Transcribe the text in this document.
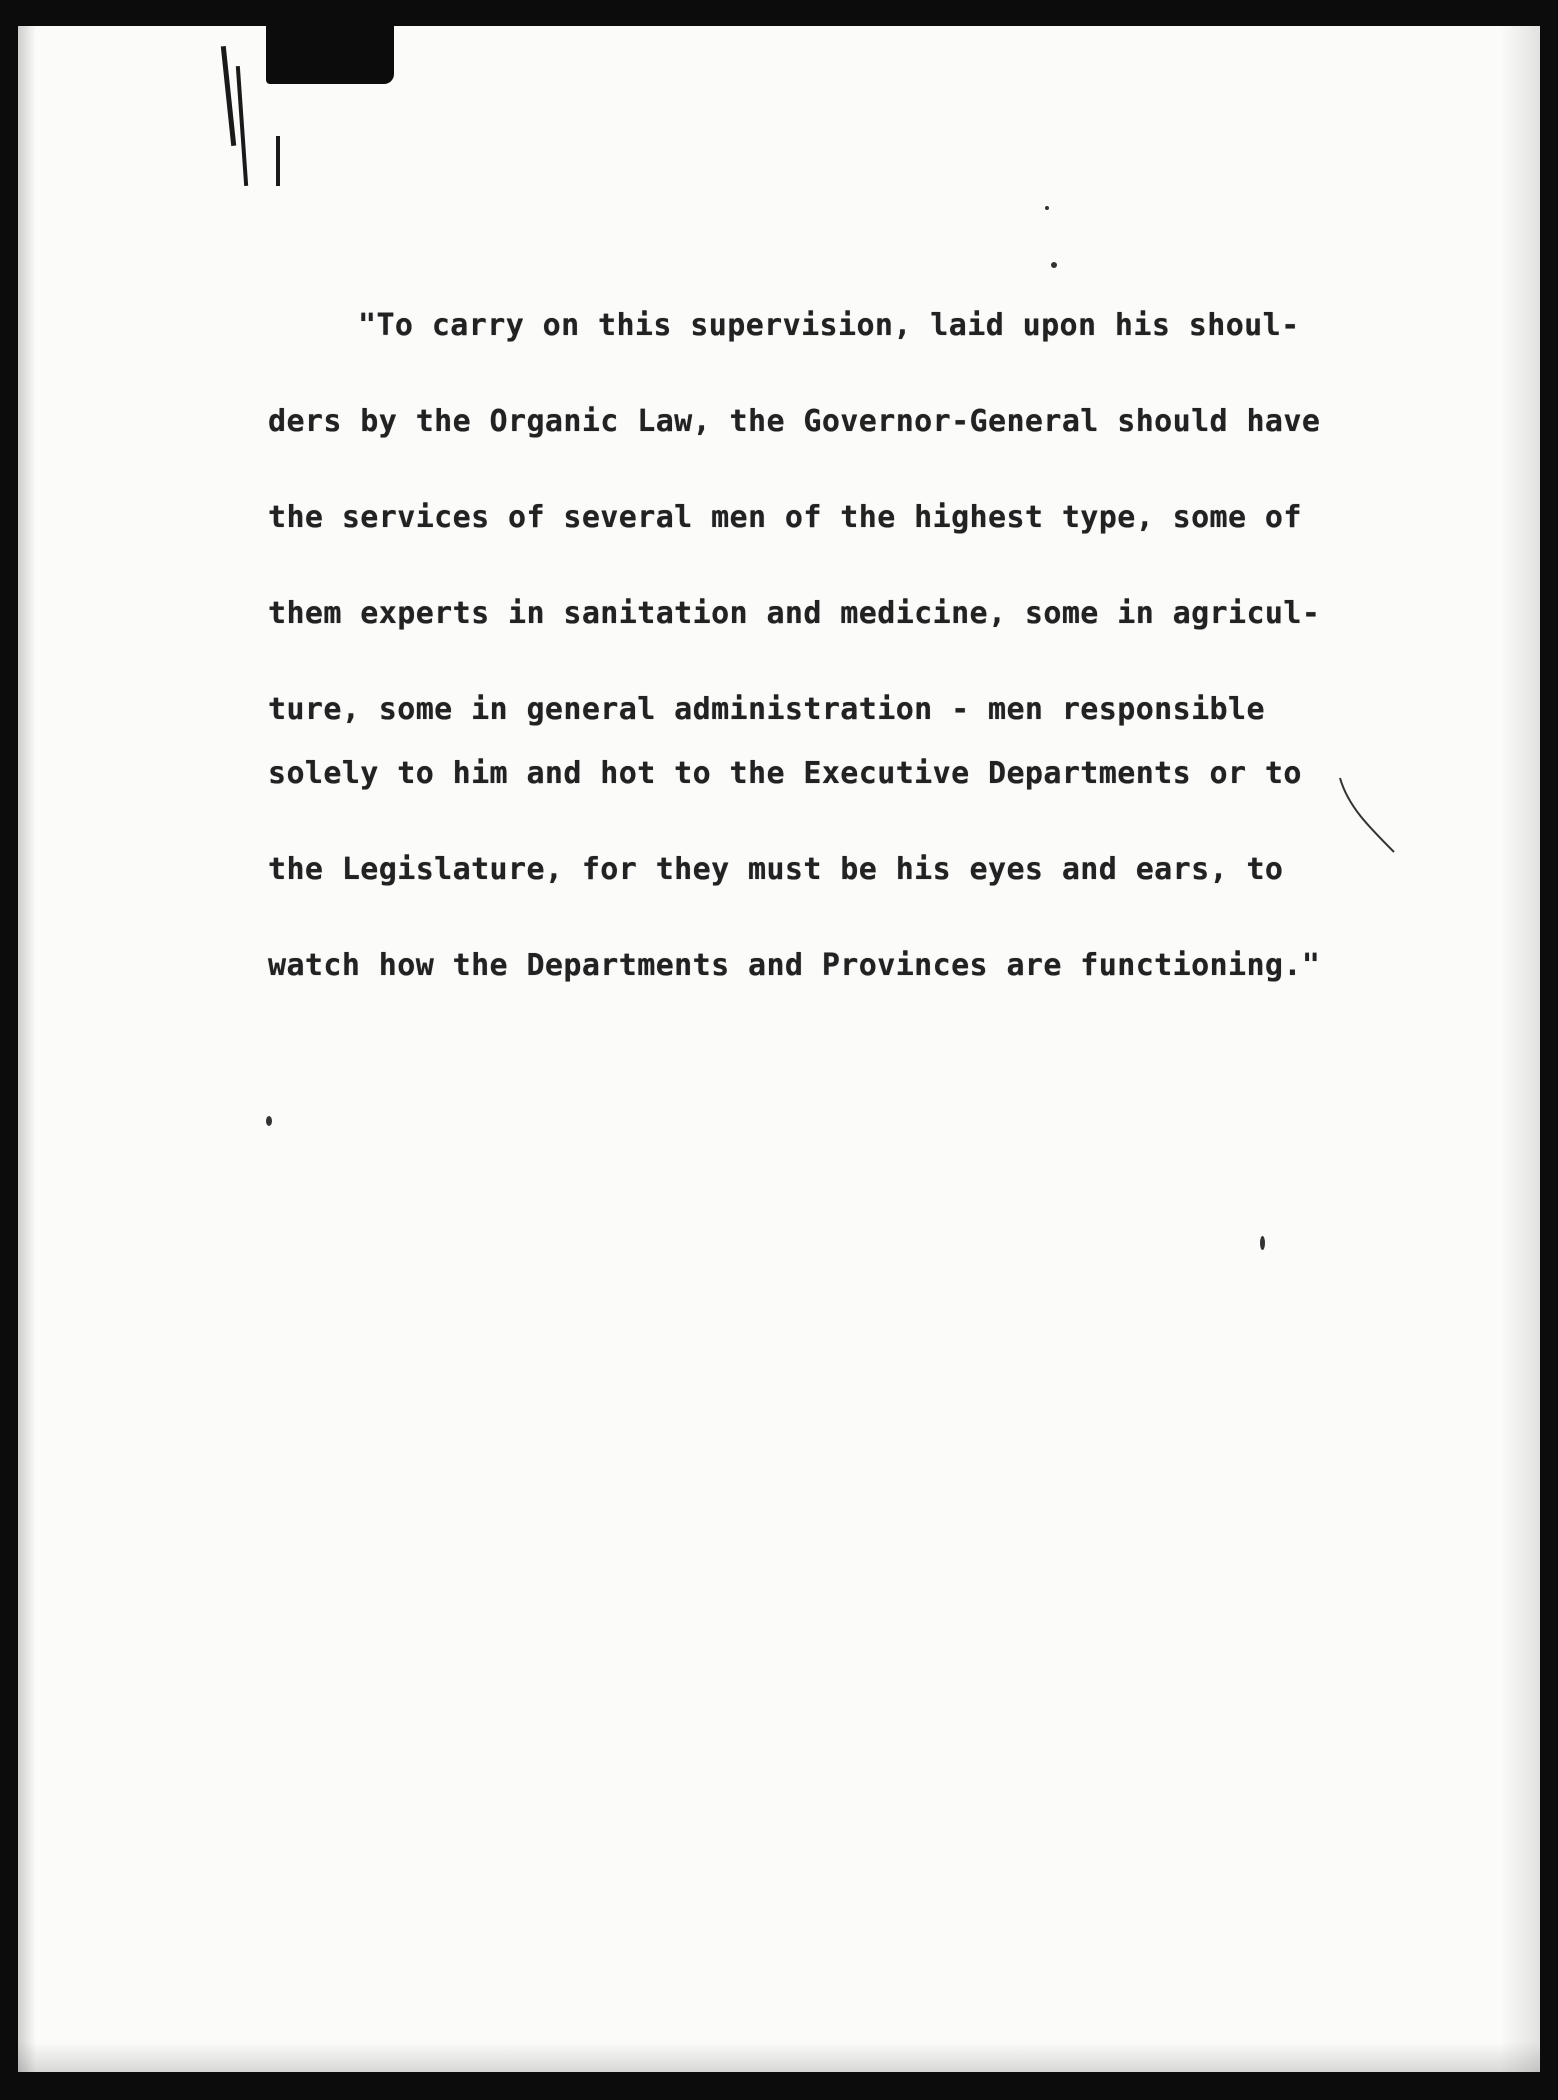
"To carry on this supervision, laid upon his shoul-

ders by the Organic Law, the Governor-General should have

the services of several men of the highest type, some of

them experts in sanitation and medicine, some in agricul-

ture, some in general administration - men responsible

solely to him and hot to the Executive Departments or to

the Legislature, for they must be his eyes and ears, to

watch how the Departments and Provinces are functioning."
